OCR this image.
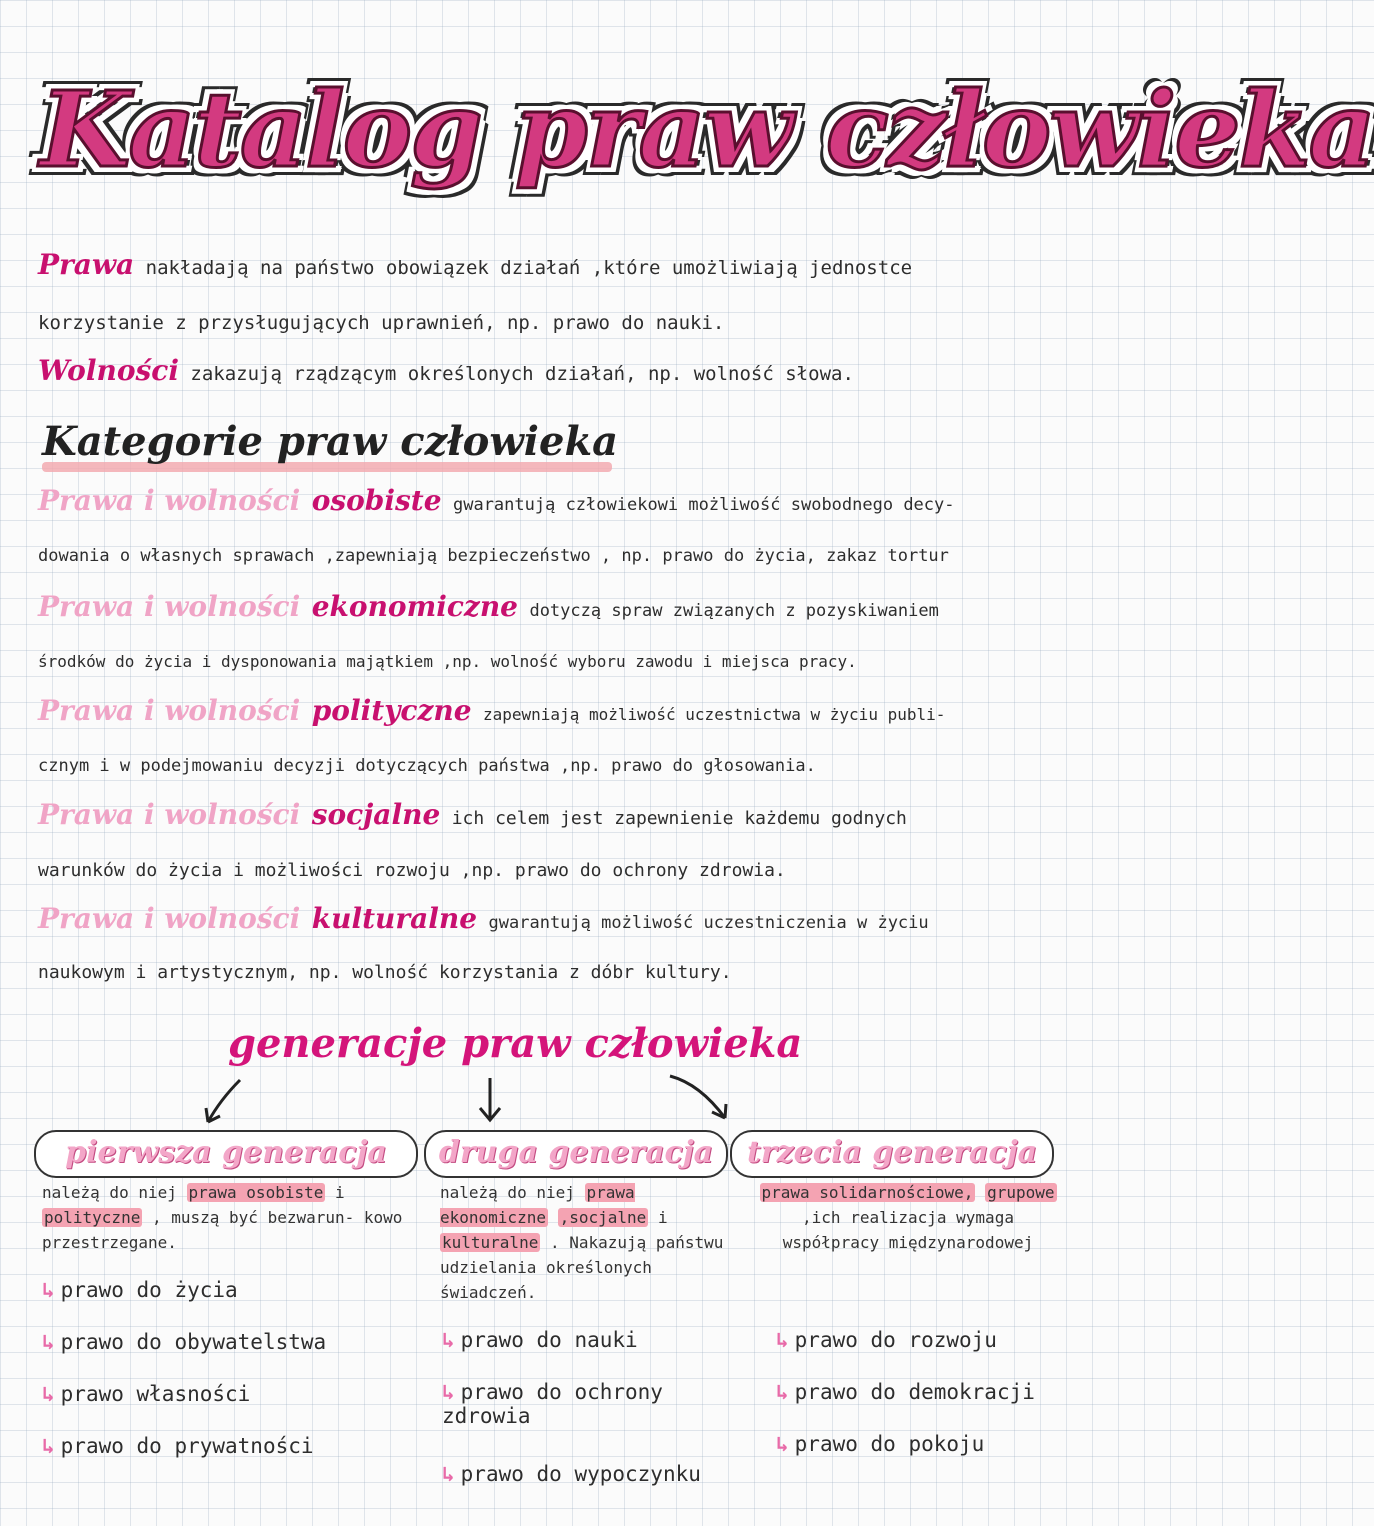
Katalog praw człowieka
Prawa nakładają na państwo obowiązek działań ,które umożliwiają jednostce
korzystanie z przysługujących uprawnień, np. prawo do nauki.
Wolności zakazują rządzącym określonych działań, np. wolność słowa.
Kategorie praw człowieka
Prawa i wolności osobiste gwarantują człowiekowi możliwość swobodnego decy-
dowania o własnych sprawach ,zapewniają bezpieczeństwo , np. prawo do życia, zakaz tortur
Prawa i wolności ekonomiczne dotyczą spraw związanych z pozyskiwaniem
środków do życia i dysponowania majątkiem ,np. wolność wyboru zawodu i miejsca pracy.
Prawa i wolności polityczne zapewniają możliwość uczestnictwa w życiu publi-
cznym i w podejmowaniu decyzji dotyczących państwa ,np. prawo do głosowania.
Prawa i wolności socjalne ich celem jest zapewnienie każdemu godnych
warunków do życia i możliwości rozwoju ,np. prawo do ochrony zdrowia.
Prawa i wolności kulturalne gwarantują możliwość uczestniczenia w życiu
naukowym i artystycznym, np. wolność korzystania z dóbr kultury.
generacje praw człowieka
pierwsza generacja	druga generacja	trzecia generacja
należą do niej prawa osobiste i polityczne , muszą być bezwarun- kowo przestrzegane.
należą do niej prawa ekonomiczne ,socjalne i kulturalne . Nakazują państwu udzielania określonych świadczeń.
prawa solidarnościowe, grupowe ,ich realizacja wymaga współpracy międzynarodowej
↳ prawo do życia
↳ prawo do obywatelstwa
↳ prawo własności
↳ prawo do prywatności
↳ prawo do nauki
↳ prawo do ochrony zdrowia
↳ prawo do wypoczynku
↳ prawo do rozwoju
↳ prawo do demokracji
↳ prawo do pokoju
